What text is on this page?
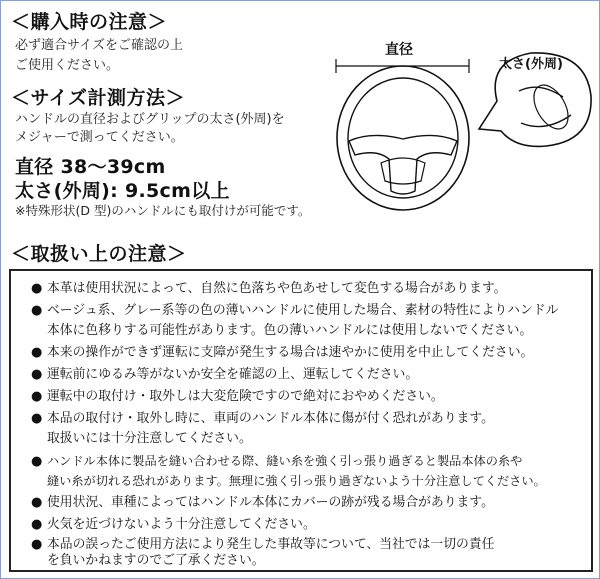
＜購入時の注意＞
必ず適合サイズをご確認の上
ご使用ください。
＜サイズ計測方法＞
ハンドルの直径およびグリップの太さ(外周)を
メジャーで測ってください。
直径 38〜39cm
太さ(外周): 9.5cm以上
※特殊形状(D 型)のハンドルにも取付けが可能です。
直径
太さ(外周)
＜取扱い上の注意＞
● 本革は使用状況によって、自然に色落ちや色あせして変色する場合があります。
● ベージュ系、グレー系等の色の薄いハンドルに使用した場合、素材の特性によりハンドル
本体に色移りする可能性があります。色の薄いハンドルには使用しないでください。
● 本来の操作ができず運転に支障が発生する場合は速やかに使用を中止してください。
● 運転前にゆるみ等がないか安全を確認の上、運転してください。
● 運転中の取付け・取外しは大変危険ですので絶対におやめください。
● 本品の取付け・取外し時に、車両のハンドル本体に傷が付く恐れがあります。
取扱いには十分注意してください。
● ハンドル本体に製品を縫い合わせる際、縫い糸を強く引っ張り過ぎると製品本体の糸や
縫い糸が切れる恐れがあります。無理に強く引っ張り過ぎないよう十分注意してください。
● 使用状況、車種によってはハンドル本体にカバーの跡が残る場合があります。
● 火気を近づけないよう十分注意してください。
● 本品の誤ったご使用方法により発生した事故等について、当社では一切の責任
を負いかねますのでご了承ください。
